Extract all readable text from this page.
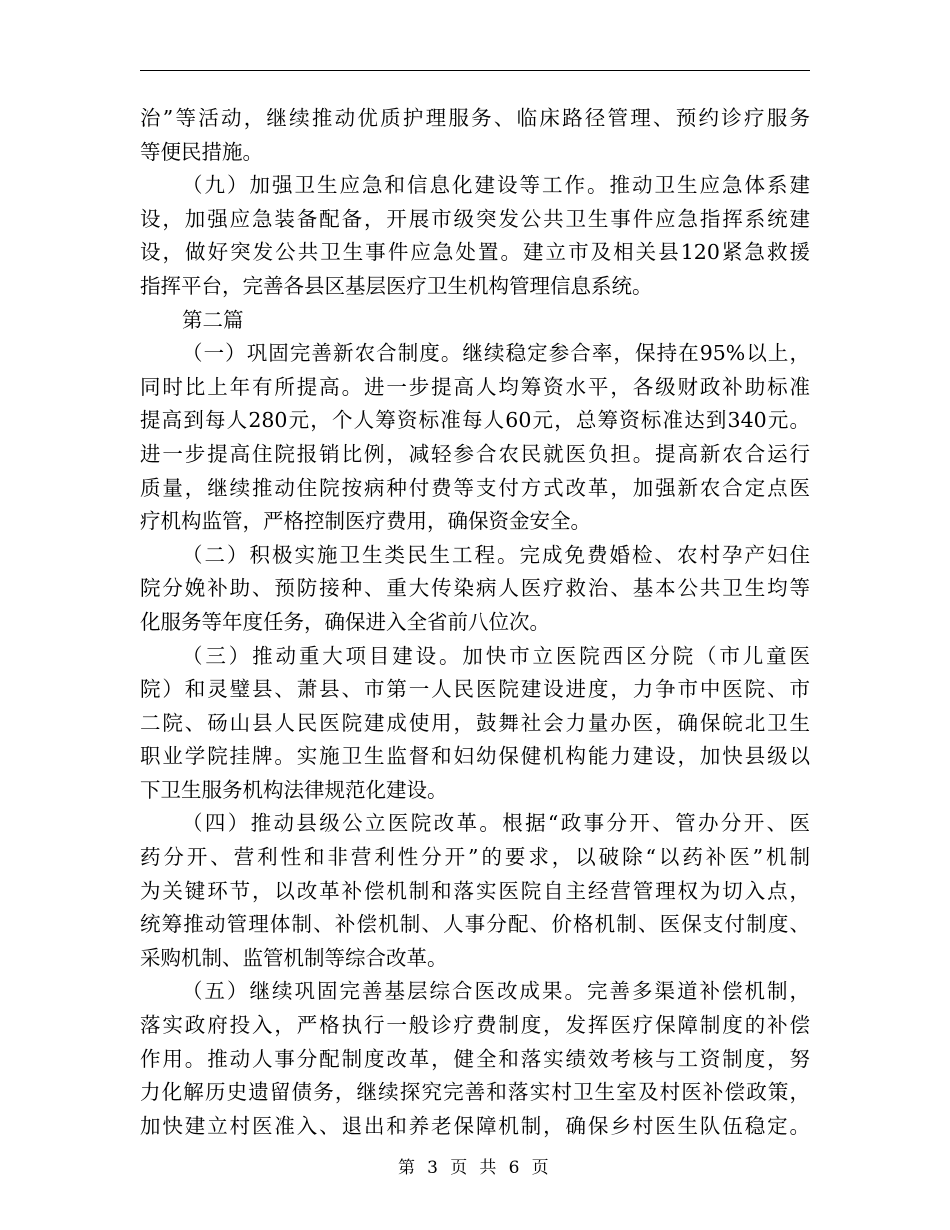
治”等活动，继续推动优质护理服务、临床路径管理、预约诊疗服务
等便民措施。
（九）加强卫生应急和信息化建设等工作。推动卫生应急体系建
设，加强应急装备配备，开展市级突发公共卫生事件应急指挥系统建
设，做好突发公共卫生事件应急处置。建立市及相关县120紧急救援
指挥平台，完善各县区基层医疗卫生机构管理信息系统。
第二篇
（一）巩固完善新农合制度。继续稳定参合率，保持在95%以上，
同时比上年有所提高。进一步提高人均筹资水平，各级财政补助标准
提高到每人280元，个人筹资标准每人60元，总筹资标准达到340元。
进一步提高住院报销比例，减轻参合农民就医负担。提高新农合运行
质量，继续推动住院按病种付费等支付方式改革，加强新农合定点医
疗机构监管，严格控制医疗费用，确保资金安全。
（二）积极实施卫生类民生工程。完成免费婚检、农村孕产妇住
院分娩补助、预防接种、重大传染病人医疗救治、基本公共卫生均等
化服务等年度任务，确保进入全省前八位次。
（三）推动重大项目建设。加快市立医院西区分院（市儿童医
院）和灵璧县、萧县、市第一人民医院建设进度，力争市中医院、市
二院、砀山县人民医院建成使用，鼓舞社会力量办医，确保皖北卫生
职业学院挂牌。实施卫生监督和妇幼保健机构能力建设，加快县级以
下卫生服务机构法律规范化建设。
（四）推动县级公立医院改革。根据“政事分开、管办分开、医
药分开、营利性和非营利性分开”的要求，以破除“以药补医”机制
为关键环节，以改革补偿机制和落实医院自主经营管理权为切入点，
统筹推动管理体制、补偿机制、人事分配、价格机制、医保支付制度、
采购机制、监管机制等综合改革。
（五）继续巩固完善基层综合医改成果。完善多渠道补偿机制，
落实政府投入，严格执行一般诊疗费制度，发挥医疗保障制度的补偿
作用。推动人事分配制度改革，健全和落实绩效考核与工资制度，努
力化解历史遗留债务，继续探究完善和落实村卫生室及村医补偿政策，
加快建立村医准入、退出和养老保障机制，确保乡村医生队伍稳定。
第 3 页 共 6 页
